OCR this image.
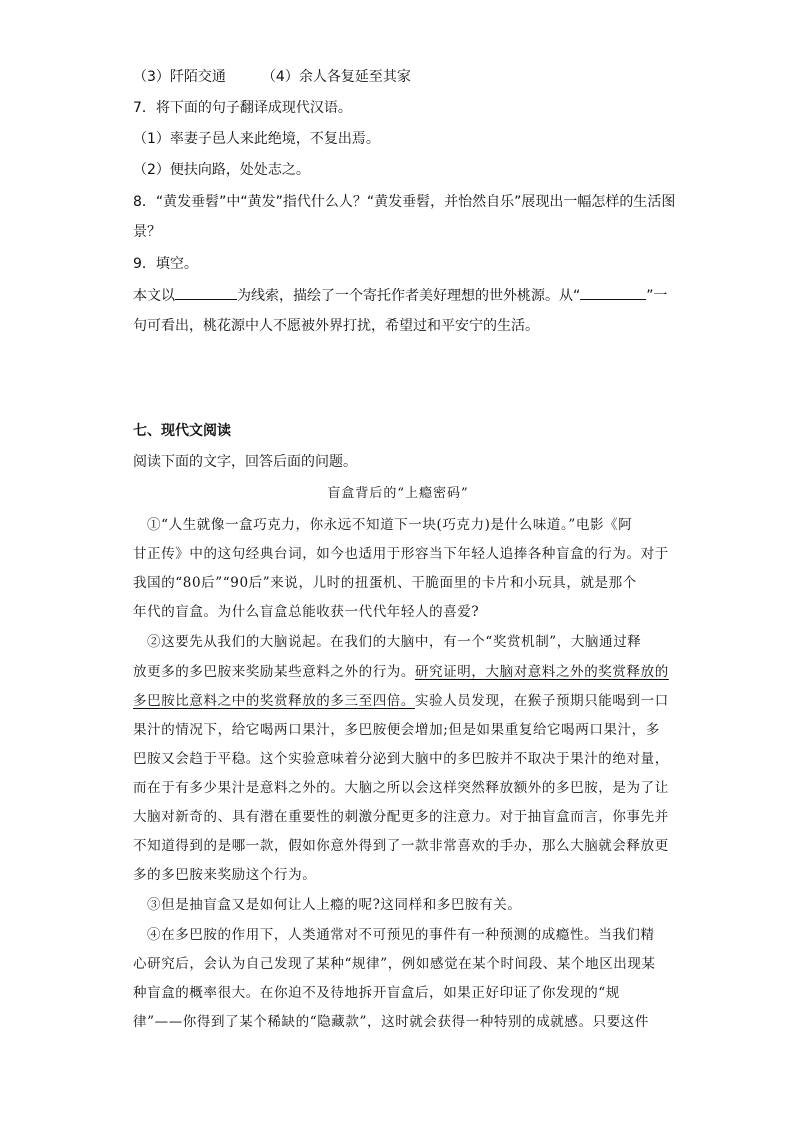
（3）阡陌交通	（4）余人各复延至其家
7．将下面的句子翻译成现代汉语。
（1）率妻子邑人来此绝境，不复出焉。
（2）便扶向路，处处志之。
8．“黄发垂髫”中“黄发”指代什么人？“黄发垂髫，并怡然自乐”展现出一幅怎样的生活图
景？
9．填空。
本文以	为线索，描绘了一个寄托作者美好理想的世外桃源。从“	”一
句可看出，桃花源中人不愿被外界打扰，希望过和平安宁的生活。
七、现代文阅读
阅读下面的文字，回答后面的问题。
盲盒背后的“上瘾密码”
①“人生就像一盒巧克力，你永远不知道下一块(巧克力)是什么味道。”电影《阿
甘正传》中的这句经典台词，如今也适用于形容当下年轻人追捧各种盲盒的行为。对于
我国的“80后”“90后”来说，儿时的扭蛋机、干脆面里的卡片和小玩具，就是那个
年代的盲盒。为什么盲盒总能收获一代代年轻人的喜爱?
②这要先从我们的大脑说起。在我们的大脑中，有一个“奖赏机制”，大脑通过释
放更多的多巴胺来奖励某些意料之外的行为。研究证明，大脑对意料之外的奖赏释放的
多巴胺比意料之中的奖赏释放的多三至四倍。实验人员发现，在猴子预期只能喝到一口
果汁的情况下，给它喝两口果汁，多巴胺便会增加;但是如果重复给它喝两口果汁，多
巴胺又会趋于平稳。这个实验意味着分泌到大脑中的多巴胺并不取决于果汁的绝对量，
而在于有多少果汁是意料之外的。大脑之所以会这样突然释放额外的多巴胺，是为了让
大脑对新奇的、具有潜在重要性的刺激分配更多的注意力。对于抽盲盒而言，你事先并
不知道得到的是哪一款，假如你意外得到了一款非常喜欢的手办，那么大脑就会释放更
多的多巴胺来奖励这个行为。
③但是抽盲盒又是如何让人上瘾的呢?这同样和多巴胺有关。
④在多巴胺的作用下，人类通常对不可预见的事件有一种预测的成瘾性。当我们精
心研究后，会认为自己发现了某种“规律”，例如感觉在某个时间段、某个地区出现某
种盲盒的概率很大。在你迫不及待地拆开盲盒后，如果正好印证了你发现的“规
律”——你得到了某个稀缺的“隐藏款”，这时就会获得一种特别的成就感。只要这件
